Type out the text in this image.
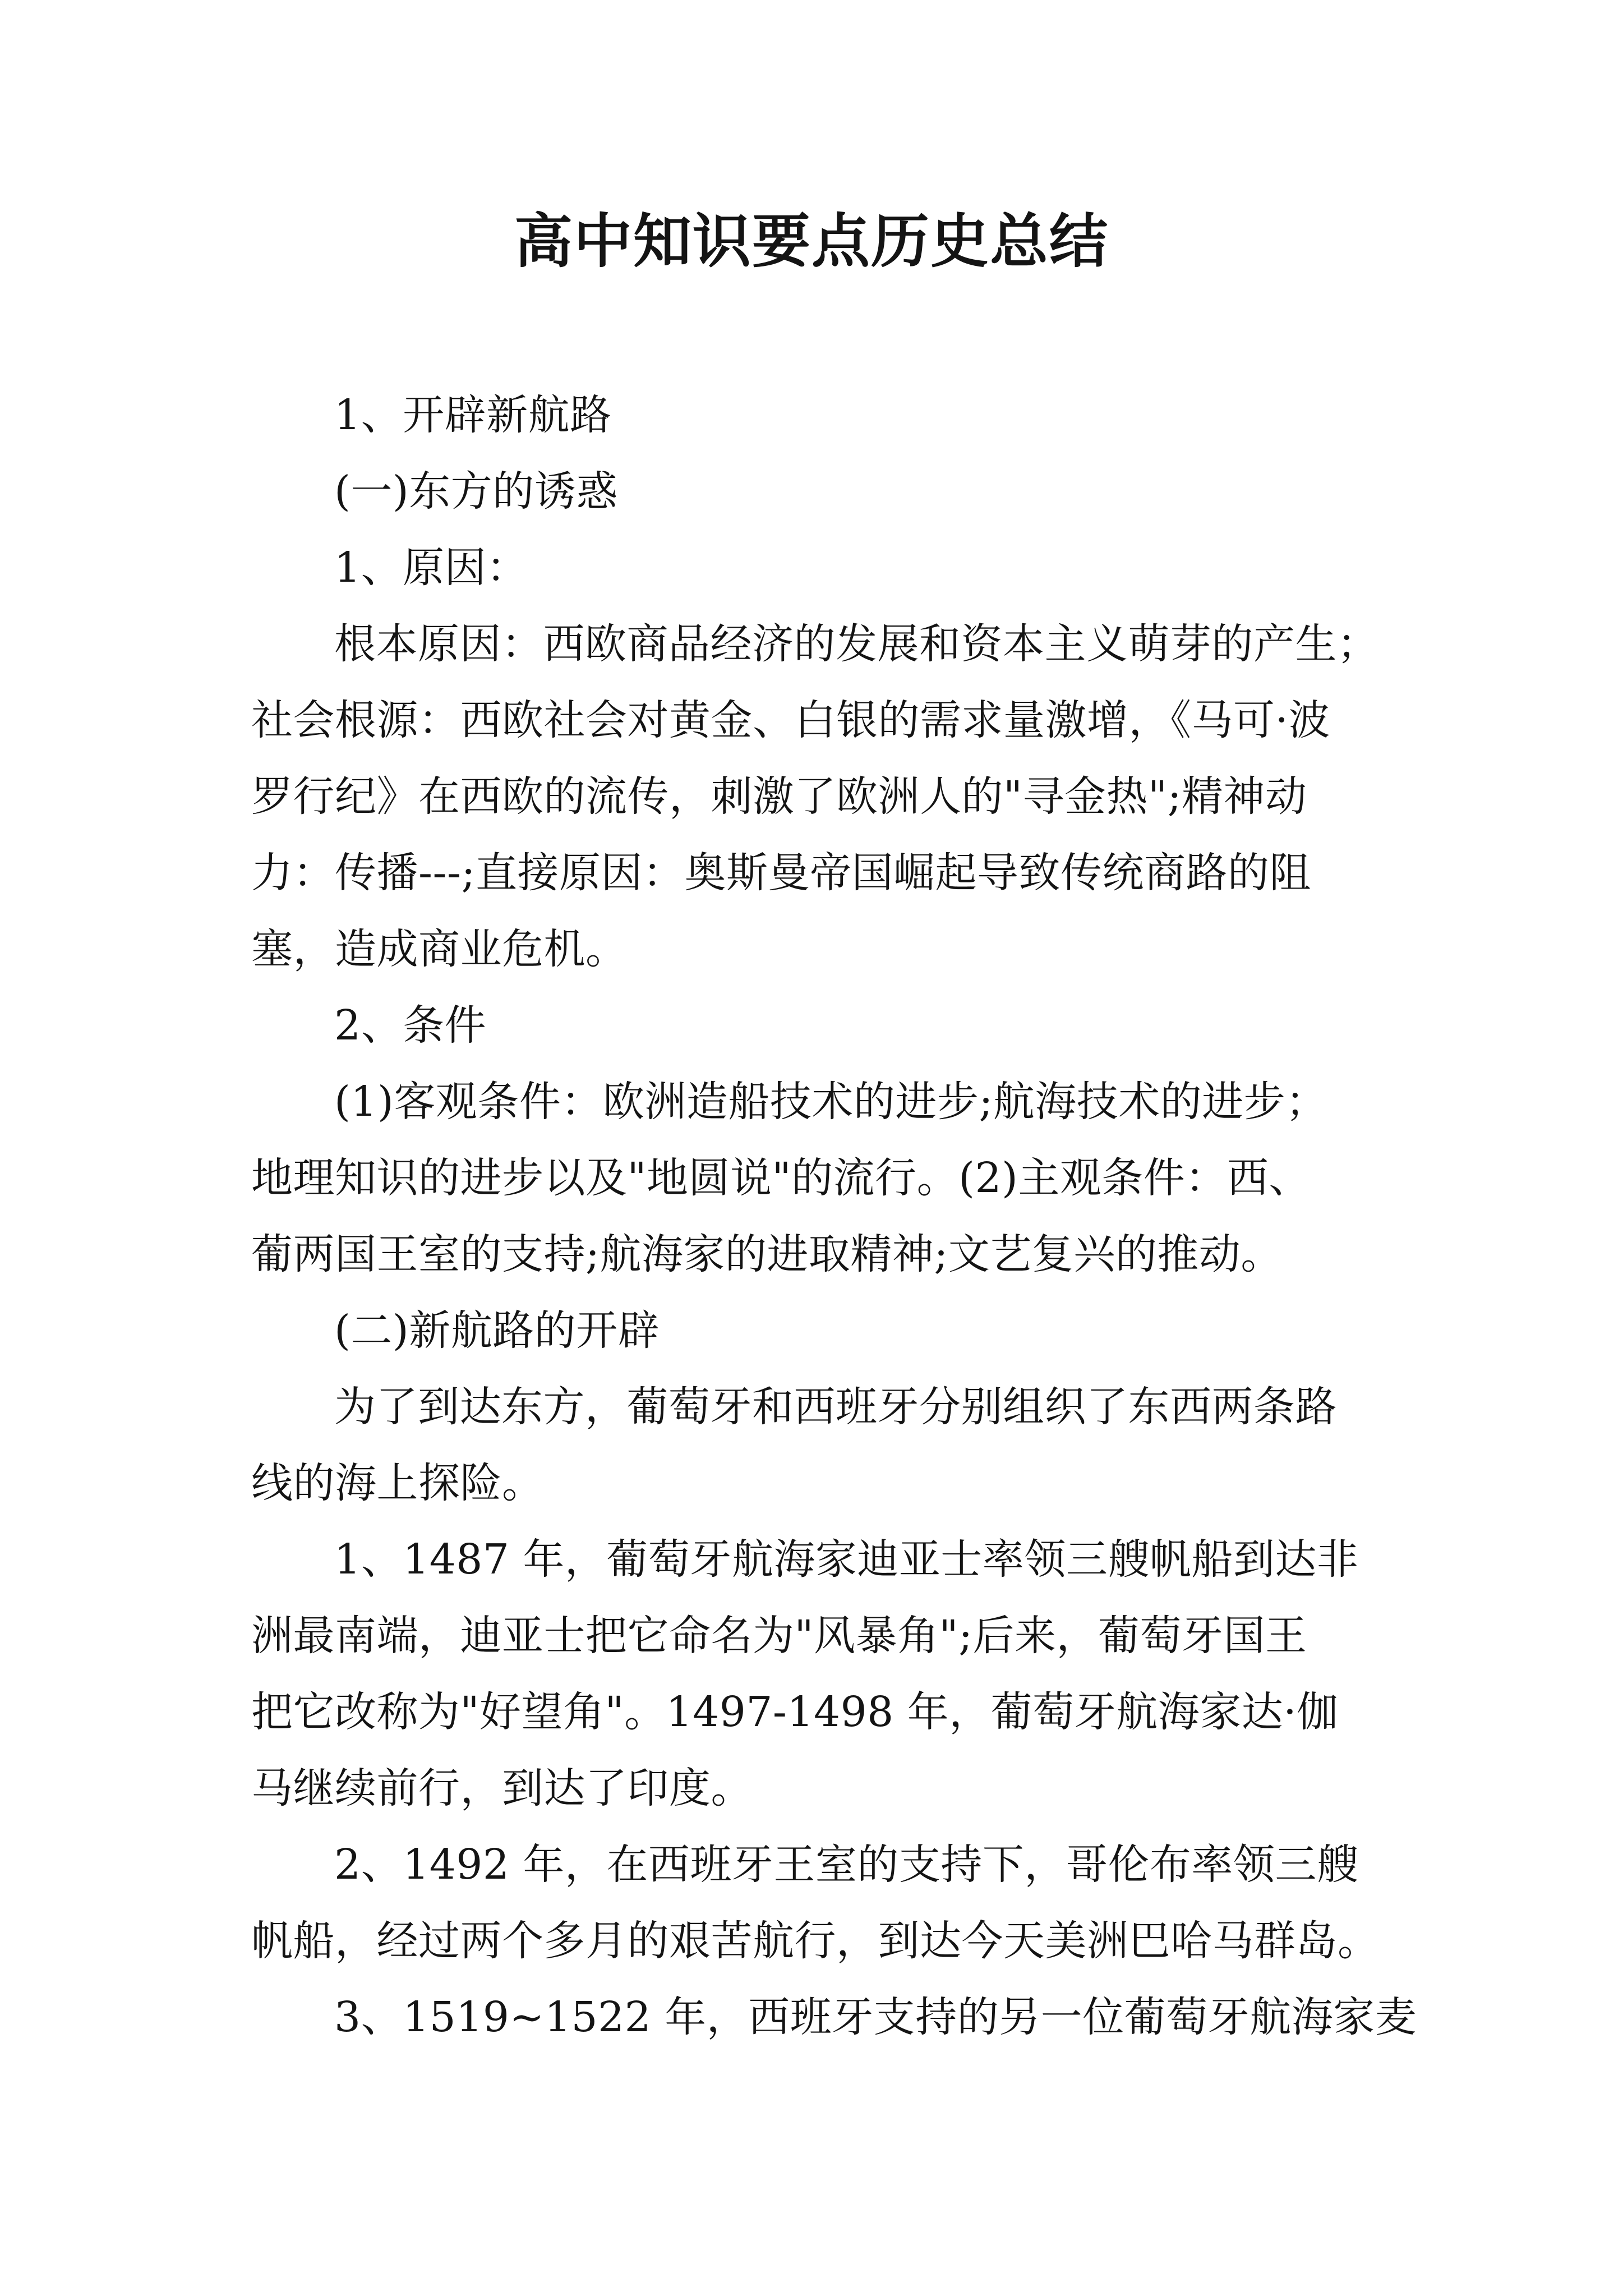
高中知识要点历史总结
1、开辟新航路
(一)东方的诱惑
1、原因：
根本原因：西欧商品经济的发展和资本主义萌芽的产生；
社会根源：西欧社会对黄金、白银的需求量激增，《马可·波
罗行纪》在西欧的流传，刺激了欧洲人的"寻金热";精神动
力：传播---;直接原因：奥斯曼帝国崛起导致传统商路的阻
塞，造成商业危机。
2、条件
(1)客观条件：欧洲造船技术的进步;航海技术的进步；
地理知识的进步以及"地圆说"的流行。(2)主观条件：西、
葡两国王室的支持;航海家的进取精神;文艺复兴的推动。
(二)新航路的开辟
为了到达东方，葡萄牙和西班牙分别组织了东西两条路
线的海上探险。
1、1487 年，葡萄牙航海家迪亚士率领三艘帆船到达非
洲最南端，迪亚士把它命名为"风暴角";后来，葡萄牙国王
把它改称为"好望角"。1497-1498 年，葡萄牙航海家达·伽
马继续前行，到达了印度。
2、1492 年，在西班牙王室的支持下，哥伦布率领三艘
帆船，经过两个多月的艰苦航行，到达今天美洲巴哈马群岛。
3、1519~1522 年，西班牙支持的另一位葡萄牙航海家麦
